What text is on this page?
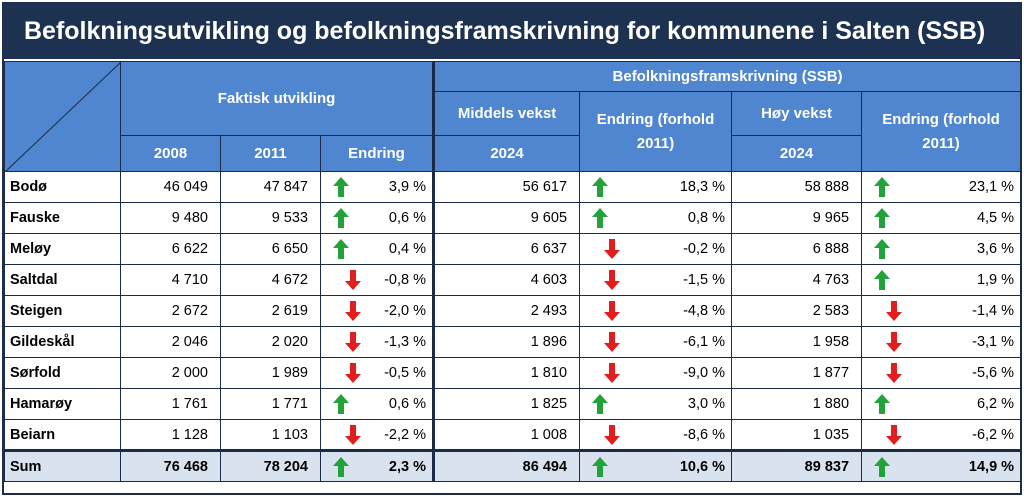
Befolkningsutvikling og befolkningsframskrivning for kommunene i Salten (SSB)
	Faktisk utvikling			Befolkningsframskrivning (SSB)			
				Middels vekst	Endring (forhold 2011)	Høy vekst	Endring (forhold 2011)
	2008	2011	Endring	2024		2024	
Bodø	46 049	47 847	3,9 %	56 617	18,3 %	58 888	23,1 %
Fauske	9 480	9 533	0,6 %	9 605	0,8 %	9 965	4,5 %
Meløy	6 622	6 650	0,4 %	6 637	-0,2 %	6 888	3,6 %
Saltdal	4 710	4 672	-0,8 %	4 603	-1,5 %	4 763	1,9 %
Steigen	2 672	2 619	-2,0 %	2 493	-4,8 %	2 583	-1,4 %
Gildeskål	2 046	2 020	-1,3 %	1 896	-6,1 %	1 958	-3,1 %
Sørfold	2 000	1 989	-0,5 %	1 810	-9,0 %	1 877	-5,6 %
Hamarøy	1 761	1 771	0,6 %	1 825	3,0 %	1 880	6,2 %
Beiarn	1 128	1 103	-2,2 %	1 008	-8,6 %	1 035	-6,2 %
Sum	76 468	78 204	2,3 %	86 494	10,6 %	89 837	14,9 %
